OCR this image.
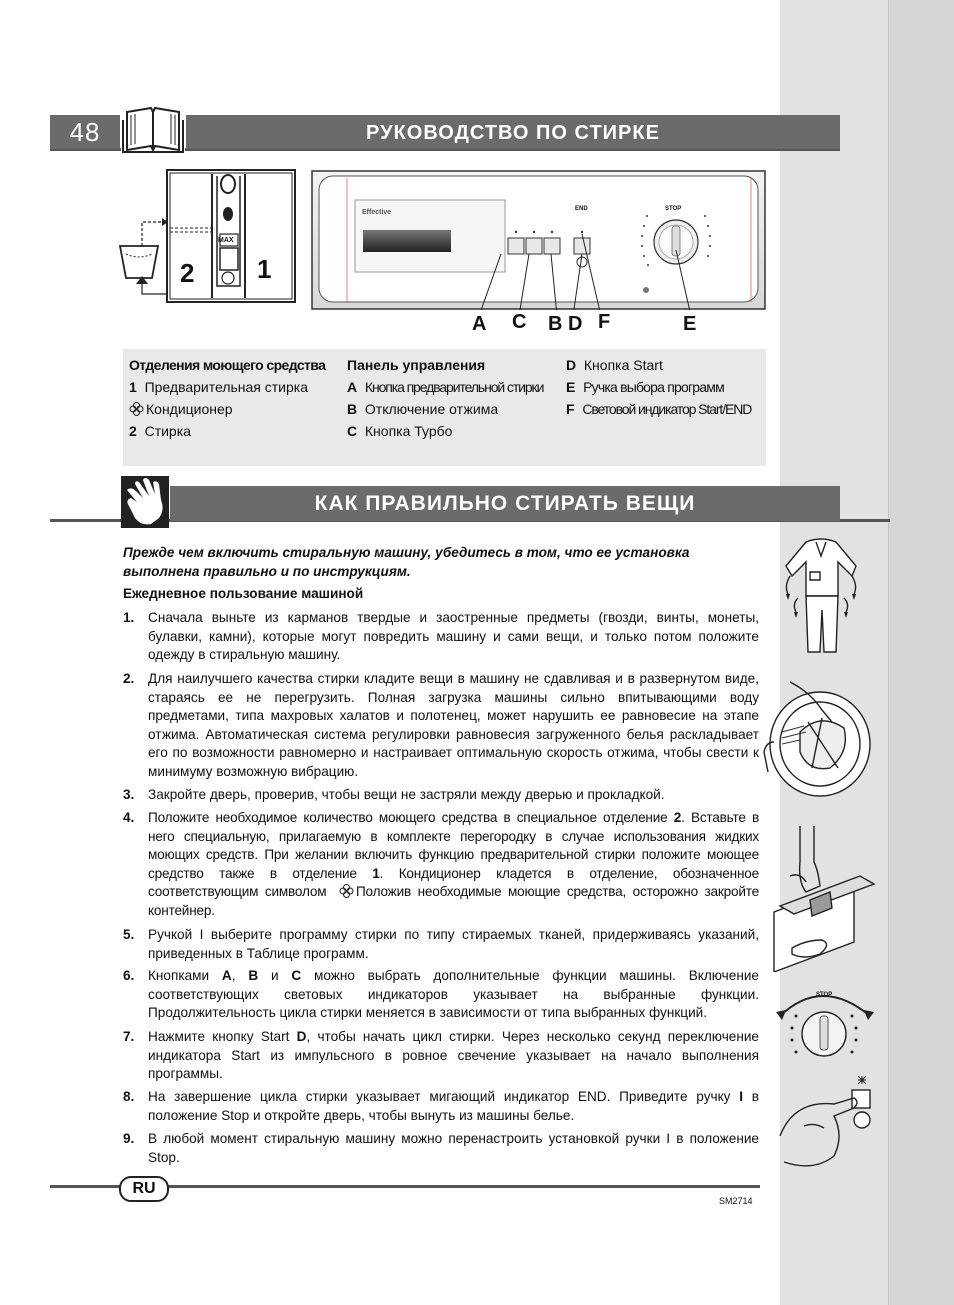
48	РУКОВОДСТВО ПО СТИРКЕ
2 1
MAX
Effective	END	STOP
A C B D F	E
Отделения моющего средства
1 Предварительная стирка
Кондиционер
2 Стирка
Панель управления
A Кнопка предварительной стирки
B Отключение отжима
C Кнопка Турбо
D Кнопка Start
E Ручка выбора программ
F Световой индикатор Start/END
КАК ПРАВИЛЬНО СТИРАТЬ ВЕЩИ
Прежде чем включить стиральную машину, убедитесь в том, что ее установка выполнена правильно и по инструкциям.
Ежедневное пользование машиной
1. Сначала выньте из карманов твердые и заостренные предметы (гвозди, винты, монеты, булавки, камни), которые могут повредить машину и сами вещи, и только потом положите одежду в стиральную машину.
2. Для наилучшего качества стирки кладите вещи в машину не сдавливая и в развернутом виде, стараясь ее не перегрузить. Полная загрузка машины сильно впитывающими воду предметами, типа махровых халатов и полотенец, может нарушить ее равновесие на этапе отжима. Автоматическая система регулировки равновесия загруженного белья раскладывает его по возможности равномерно и настраивает оптимальную скорость отжима, чтобы свести к минимуму возможную вибрацию.
3. Закройте дверь, проверив, чтобы вещи не застряли между дверью и прокладкой.
4. Положите необходимое количество моющего средства в специальное отделение 2. Вставьте в него специальную, прилагаемую в комплекте перегородку в случае использования жидких моющих средств. При желании включить функцию предварительной стирки положите моющее средство также в отделение 1. Кондиционер кладется в отделение, обозначенное соответствующим символом Положив необходимые моющие средства, осторожно закройте контейнер.
5. Ручкой I выберите программу стирки по типу стираемых тканей, придерживаясь указаний, приведенных в Таблице программ.
6. Кнопками A, B и C можно выбрать дополнительные функции машины. Включение соответствующих световых индикаторов указывает на выбранные функции. Продолжительность цикла стирки меняется в зависимости от типа выбранных функций.
7. Нажмите кнопку Start D, чтобы начать цикл стирки. Через несколько секунд переключение индикатора Start из импульсного в ровное свечение указывает на начало выполнения программы.
8. На завершение цикла стирки указывает мигающий индикатор END. Приведите ручку I в положение Stop и откройте дверь, чтобы вынуть из машины белье.
9. В любой момент стиральную машину можно перенастроить установкой ручки I в положение Stop.
STOP
RU
SM2714
